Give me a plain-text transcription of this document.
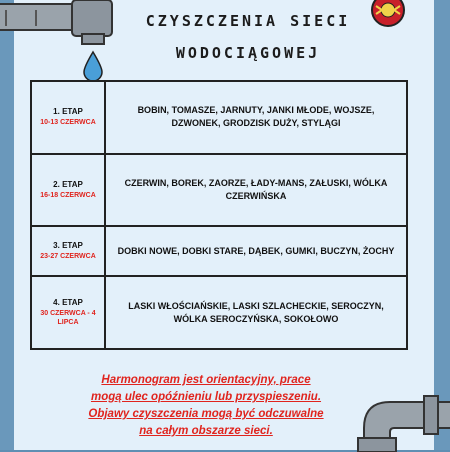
CZYSZCZENIA SIECI
WODOCIĄGOWEJ
1. ETAP
10-13 CZERWCA	BOBIN, TOMASZE, JARNUTY, JANKI MŁODE, WOJSZE, DZWONEK, GRODZISK DUŻY, STYLĄGI

2. ETAP
16-18 CZERWCA	CZERWIN, BOREK, ZAORZE, ŁADY-MANS, ZAŁUSKI, WÓLKA CZERWIŃSKA

3. ETAP
23-27 CZERWCA	DOBKI NOWE, DOBKI STARE, DĄBEK, GUMKI, BUCZYN, ŻOCHY

4. ETAP
30 CZERWCA - 4 LIPCA	LASKI WŁOŚCIAŃSKIE, LASKI SZLACHECKIE, SEROCZYN, WÓLKA SEROCZYŃSKA, SOKOŁOWO
Harmonogram jest orientacyjny, prace
mogą ulec opóźnieniu lub przyspieszeniu.
Objawy czyszczenia mogą być odczuwalne
na całym obszarze sieci.
